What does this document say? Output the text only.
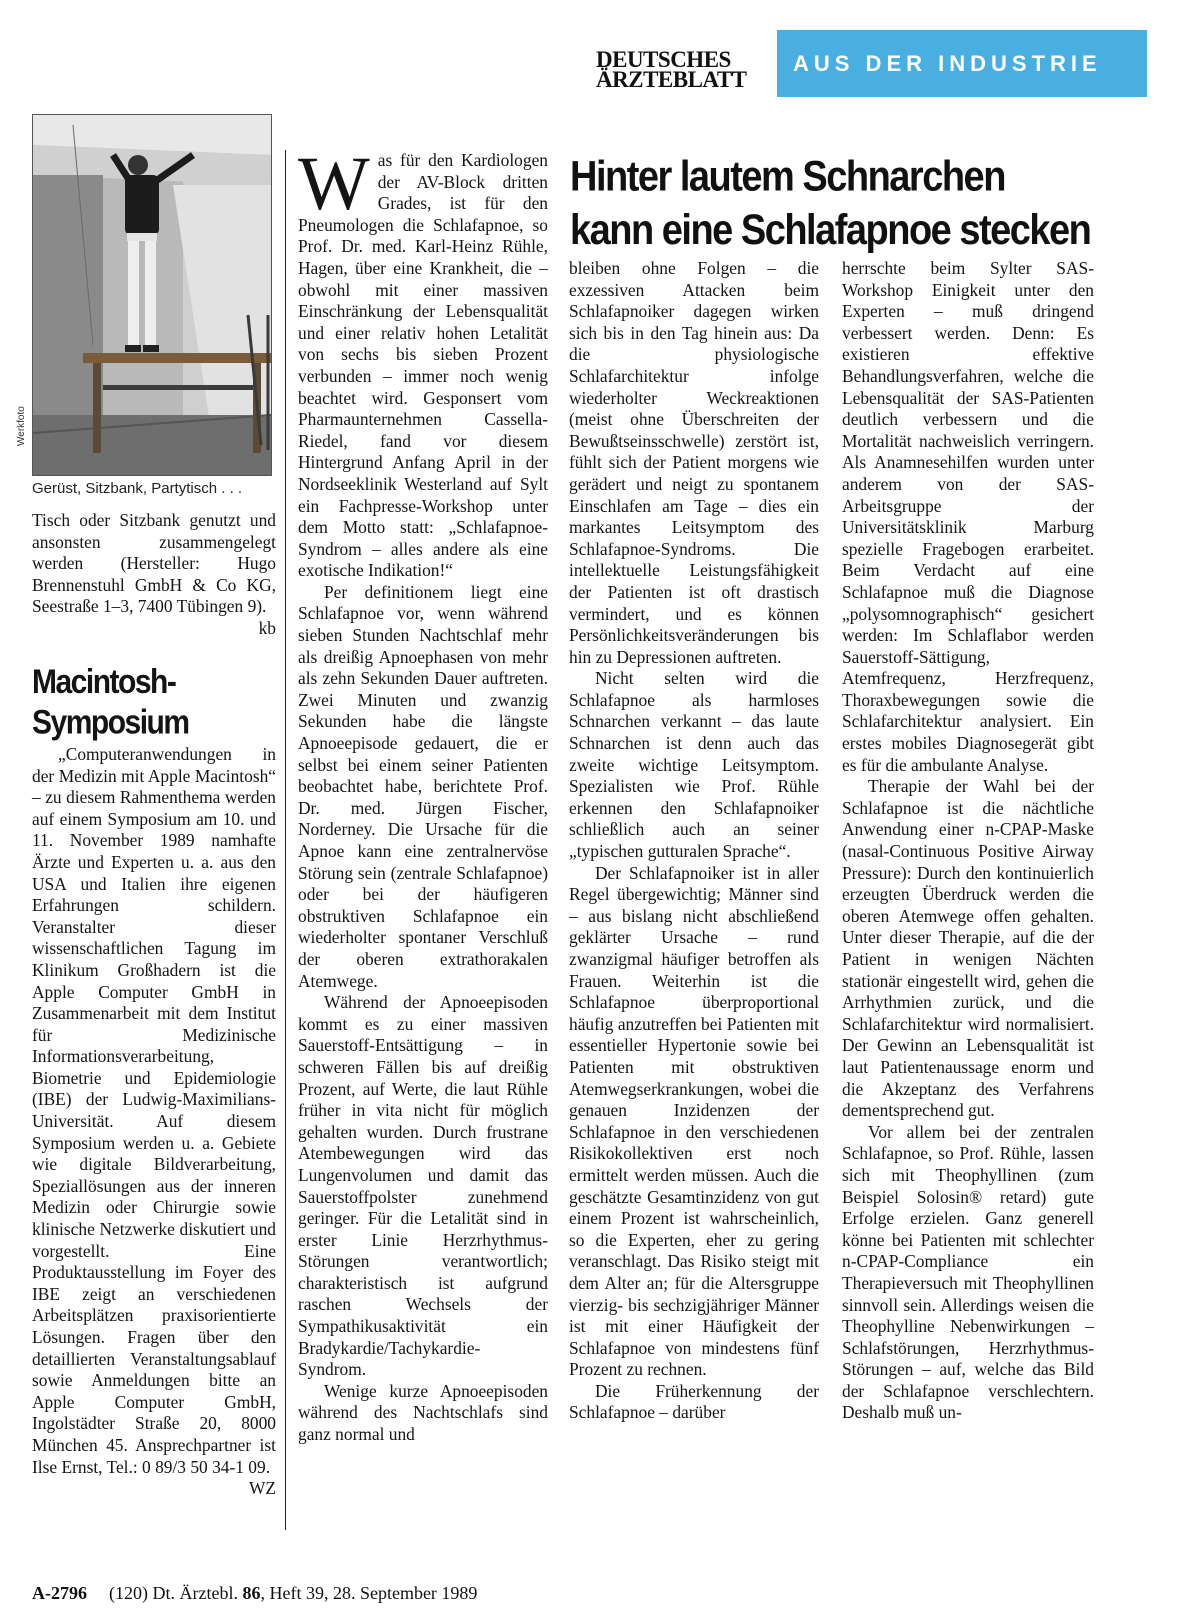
DEUTSCHES
ÄRZTEBLATT
AUS DER INDUSTRIE
Werkfoto
Gerüst, Sitzbank, Partytisch . . .

Tisch oder Sitzbank genutzt und ansonsten zusammengelegt werden (Hersteller: Hugo Brennenstuhl GmbH & Co KG, Seestraße 1–3, 7400 Tübingen 9).
kb

Macintosh-Symposium

„Computeranwendungen in der Medizin mit Apple Macintosh“ – zu diesem Rahmenthema werden auf einem Symposium am 10. und 11. November 1989 namhafte Ärzte und Experten u. a. aus den USA und Italien ihre eigenen Erfahrungen schildern. Veranstalter dieser wissenschaftlichen Tagung im Klinikum Großhadern ist die Apple Computer GmbH in Zusammenarbeit mit dem Institut für Medizinische Informationsverarbeitung, Biometrie und Epidemiologie (IBE) der Ludwig-Maximilians-Universität. Auf diesem Symposium werden u. a. Gebiete wie digitale Bildverarbeitung, Speziallösungen aus der inneren Medizin oder Chirurgie sowie klinische Netzwerke diskutiert und vorgestellt. Eine Produktausstellung im Foyer des IBE zeigt an verschiedenen Arbeitsplätzen praxisorientierte Lösungen. Fragen über den detaillierten Veranstaltungsablauf sowie Anmeldungen bitte an Apple Computer GmbH, Ingolstädter Straße 20, 8000 München 45. Ansprechpartner ist Ilse Ernst, Tel.: 0 89/3 50 34-1 09.
WZ

Hinter lautem Schnarchen
kann eine Schlafapnoe stecken

Was für den Kardiologen der AV-Block dritten Grades, ist für den Pneumologen die Schlafapnoe, so Prof. Dr. med. Karl-Heinz Rühle, Hagen, über eine Krankheit, die – obwohl mit einer massiven Einschränkung der Lebensqualität und einer relativ hohen Letalität von sechs bis sieben Prozent verbunden – immer noch wenig beachtet wird. Gesponsert vom Pharmaunternehmen Cassella-Riedel, fand vor diesem Hintergrund Anfang April in der Nordseeklinik Westerland auf Sylt ein Fachpresse-Workshop unter dem Motto statt: „Schlafapnoe-Syndrom – alles andere als eine exotische Indikation!“

Per definitionem liegt eine Schlafapnoe vor, wenn während sieben Stunden Nachtschlaf mehr als dreißig Apnoephasen von mehr als zehn Sekunden Dauer auftreten. Zwei Minuten und zwanzig Sekunden habe die längste Apnoeepisode gedauert, die er selbst bei einem seiner Patienten beobachtet habe, berichtete Prof. Dr. med. Jürgen Fischer, Norderney. Die Ursache für die Apnoe kann eine zentralnervöse Störung sein (zentrale Schlafapnoe) oder bei der häufigeren obstruktiven Schlafapnoe ein wiederholter spontaner Verschluß der oberen extrathorakalen Atemwege.

Während der Apnoeepisoden kommt es zu einer massiven Sauerstoff-Entsättigung – in schweren Fällen bis auf dreißig Prozent, auf Werte, die laut Rühle früher in vita nicht für möglich gehalten wurden. Durch frustrane Atembewegungen wird das Lungenvolumen und damit das Sauerstoffpolster zunehmend geringer. Für die Letalität sind in erster Linie Herzrhythmus-Störungen verantwortlich; charakteristisch ist aufgrund raschen Wechsels der Sympathikusaktivität ein Bradykardie/Tachykardie-Syndrom.

Wenige kurze Apnoeepisoden während des Nachtschlafs sind ganz normal und

bleiben ohne Folgen – die exzessiven Attacken beim Schlafapnoiker dagegen wirken sich bis in den Tag hinein aus: Da die physiologische Schlafarchitektur infolge wiederholter Weckreaktionen (meist ohne Überschreiten der Bewußtseinsschwelle) zerstört ist, fühlt sich der Patient morgens wie gerädert und neigt zu spontanem Einschlafen am Tage – dies ein markantes Leitsymptom des Schlafapnoe-Syndroms. Die intellektuelle Leistungsfähigkeit der Patienten ist oft drastisch vermindert, und es können Persönlichkeitsveränderungen bis hin zu Depressionen auftreten.

Nicht selten wird die Schlafapnoe als harmloses Schnarchen verkannt – das laute Schnarchen ist denn auch das zweite wichtige Leitsymptom. Spezialisten wie Prof. Rühle erkennen den Schlafapnoiker schließlich auch an seiner „typischen gutturalen Sprache“.

Der Schlafapnoiker ist in aller Regel übergewichtig; Männer sind – aus bislang nicht abschließend geklärter Ursache – rund zwanzigmal häufiger betroffen als Frauen. Weiterhin ist die Schlafapnoe überproportional häufig anzutreffen bei Patienten mit essentieller Hypertonie sowie bei Patienten mit obstruktiven Atemwegserkrankungen, wobei die genauen Inzidenzen der Schlafapnoe in den verschiedenen Risikokollektiven erst noch ermittelt werden müssen. Auch die geschätzte Gesamtinzidenz von gut einem Prozent ist wahrscheinlich, so die Experten, eher zu gering veranschlagt. Das Risiko steigt mit dem Alter an; für die Altersgruppe vierzig- bis sechzigjähriger Männer ist mit einer Häufigkeit der Schlafapnoe von mindestens fünf Prozent zu rechnen.

Die Früherkennung der Schlafapnoe – darüber

herrschte beim Sylter SAS-Workshop Einigkeit unter den Experten – muß dringend verbessert werden. Denn: Es existieren effektive Behandlungsverfahren, welche die Lebensqualität der SAS-Patienten deutlich verbessern und die Mortalität nachweislich verringern. Als Anamnesehilfen wurden unter anderem von der SAS-Arbeitsgruppe der Universitätsklinik Marburg spezielle Fragebogen erarbeitet. Beim Verdacht auf eine Schlafapnoe muß die Diagnose „polysomnographisch“ gesichert werden: Im Schlaflabor werden Sauerstoff-Sättigung, Atemfrequenz, Herzfrequenz, Thoraxbewegungen sowie die Schlafarchitektur analysiert. Ein erstes mobiles Diagnosegerät gibt es für die ambulante Analyse.

Therapie der Wahl bei der Schlafapnoe ist die nächtliche Anwendung einer n-CPAP-Maske (nasal-Continuous Positive Airway Pressure): Durch den kontinuierlich erzeugten Überdruck werden die oberen Atemwege offen gehalten. Unter dieser Therapie, auf die der Patient in wenigen Nächten stationär eingestellt wird, gehen die Arrhythmien zurück, und die Schlafarchitektur wird normalisiert. Der Gewinn an Lebensqualität ist laut Patientenaussage enorm und die Akzeptanz des Verfahrens dementsprechend gut.

Vor allem bei der zentralen Schlafapnoe, so Prof. Rühle, lassen sich mit Theophyllinen (zum Beispiel Solosin® retard) gute Erfolge erzielen. Ganz generell könne bei Patienten mit schlechter n-CPAP-Compliance ein Therapieversuch mit Theophyllinen sinnvoll sein. Allerdings weisen die Theophylline Nebenwirkungen – Schlafstörungen, Herzrhythmus-Störungen – auf, welche das Bild der Schlafapnoe verschlechtern. Deshalb muß un-

A-2796 (120) Dt. Ärztebl. 86, Heft 39, 28. September 1989
